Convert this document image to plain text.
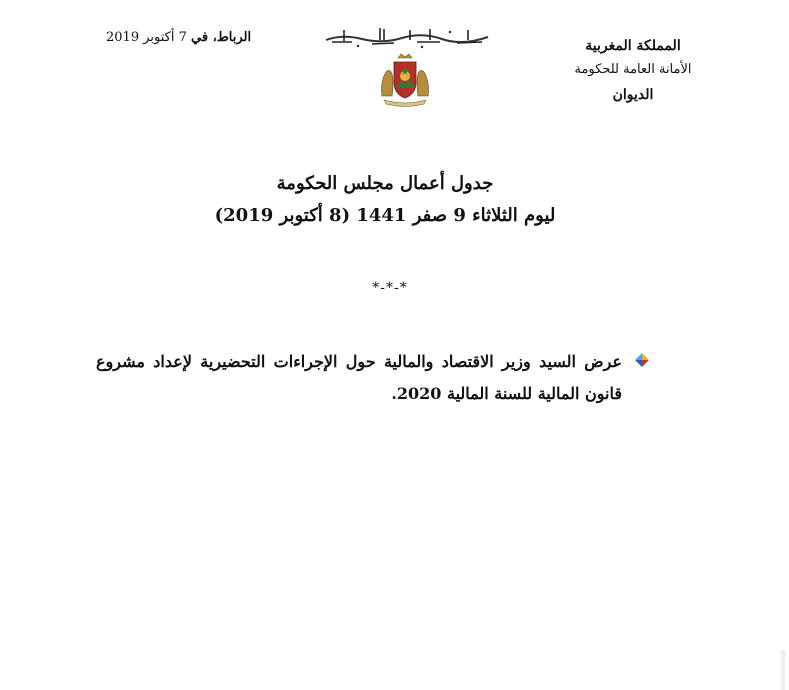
المملكة المغربية
الأمانة العامة للحكومة
الديوان
الرباط، في 7 أكتوبر 2019
جدول أعمال مجلس الحكومة
ليوم الثلاثاء 9 صفر 1441 (8 أكتوبر 2019)
*-*-*
عرض السيد وزير الاقتصاد والمالية حول الإجراءات التحضيرية لإعداد مشروع قانون المالية للسنة المالية 2020.
